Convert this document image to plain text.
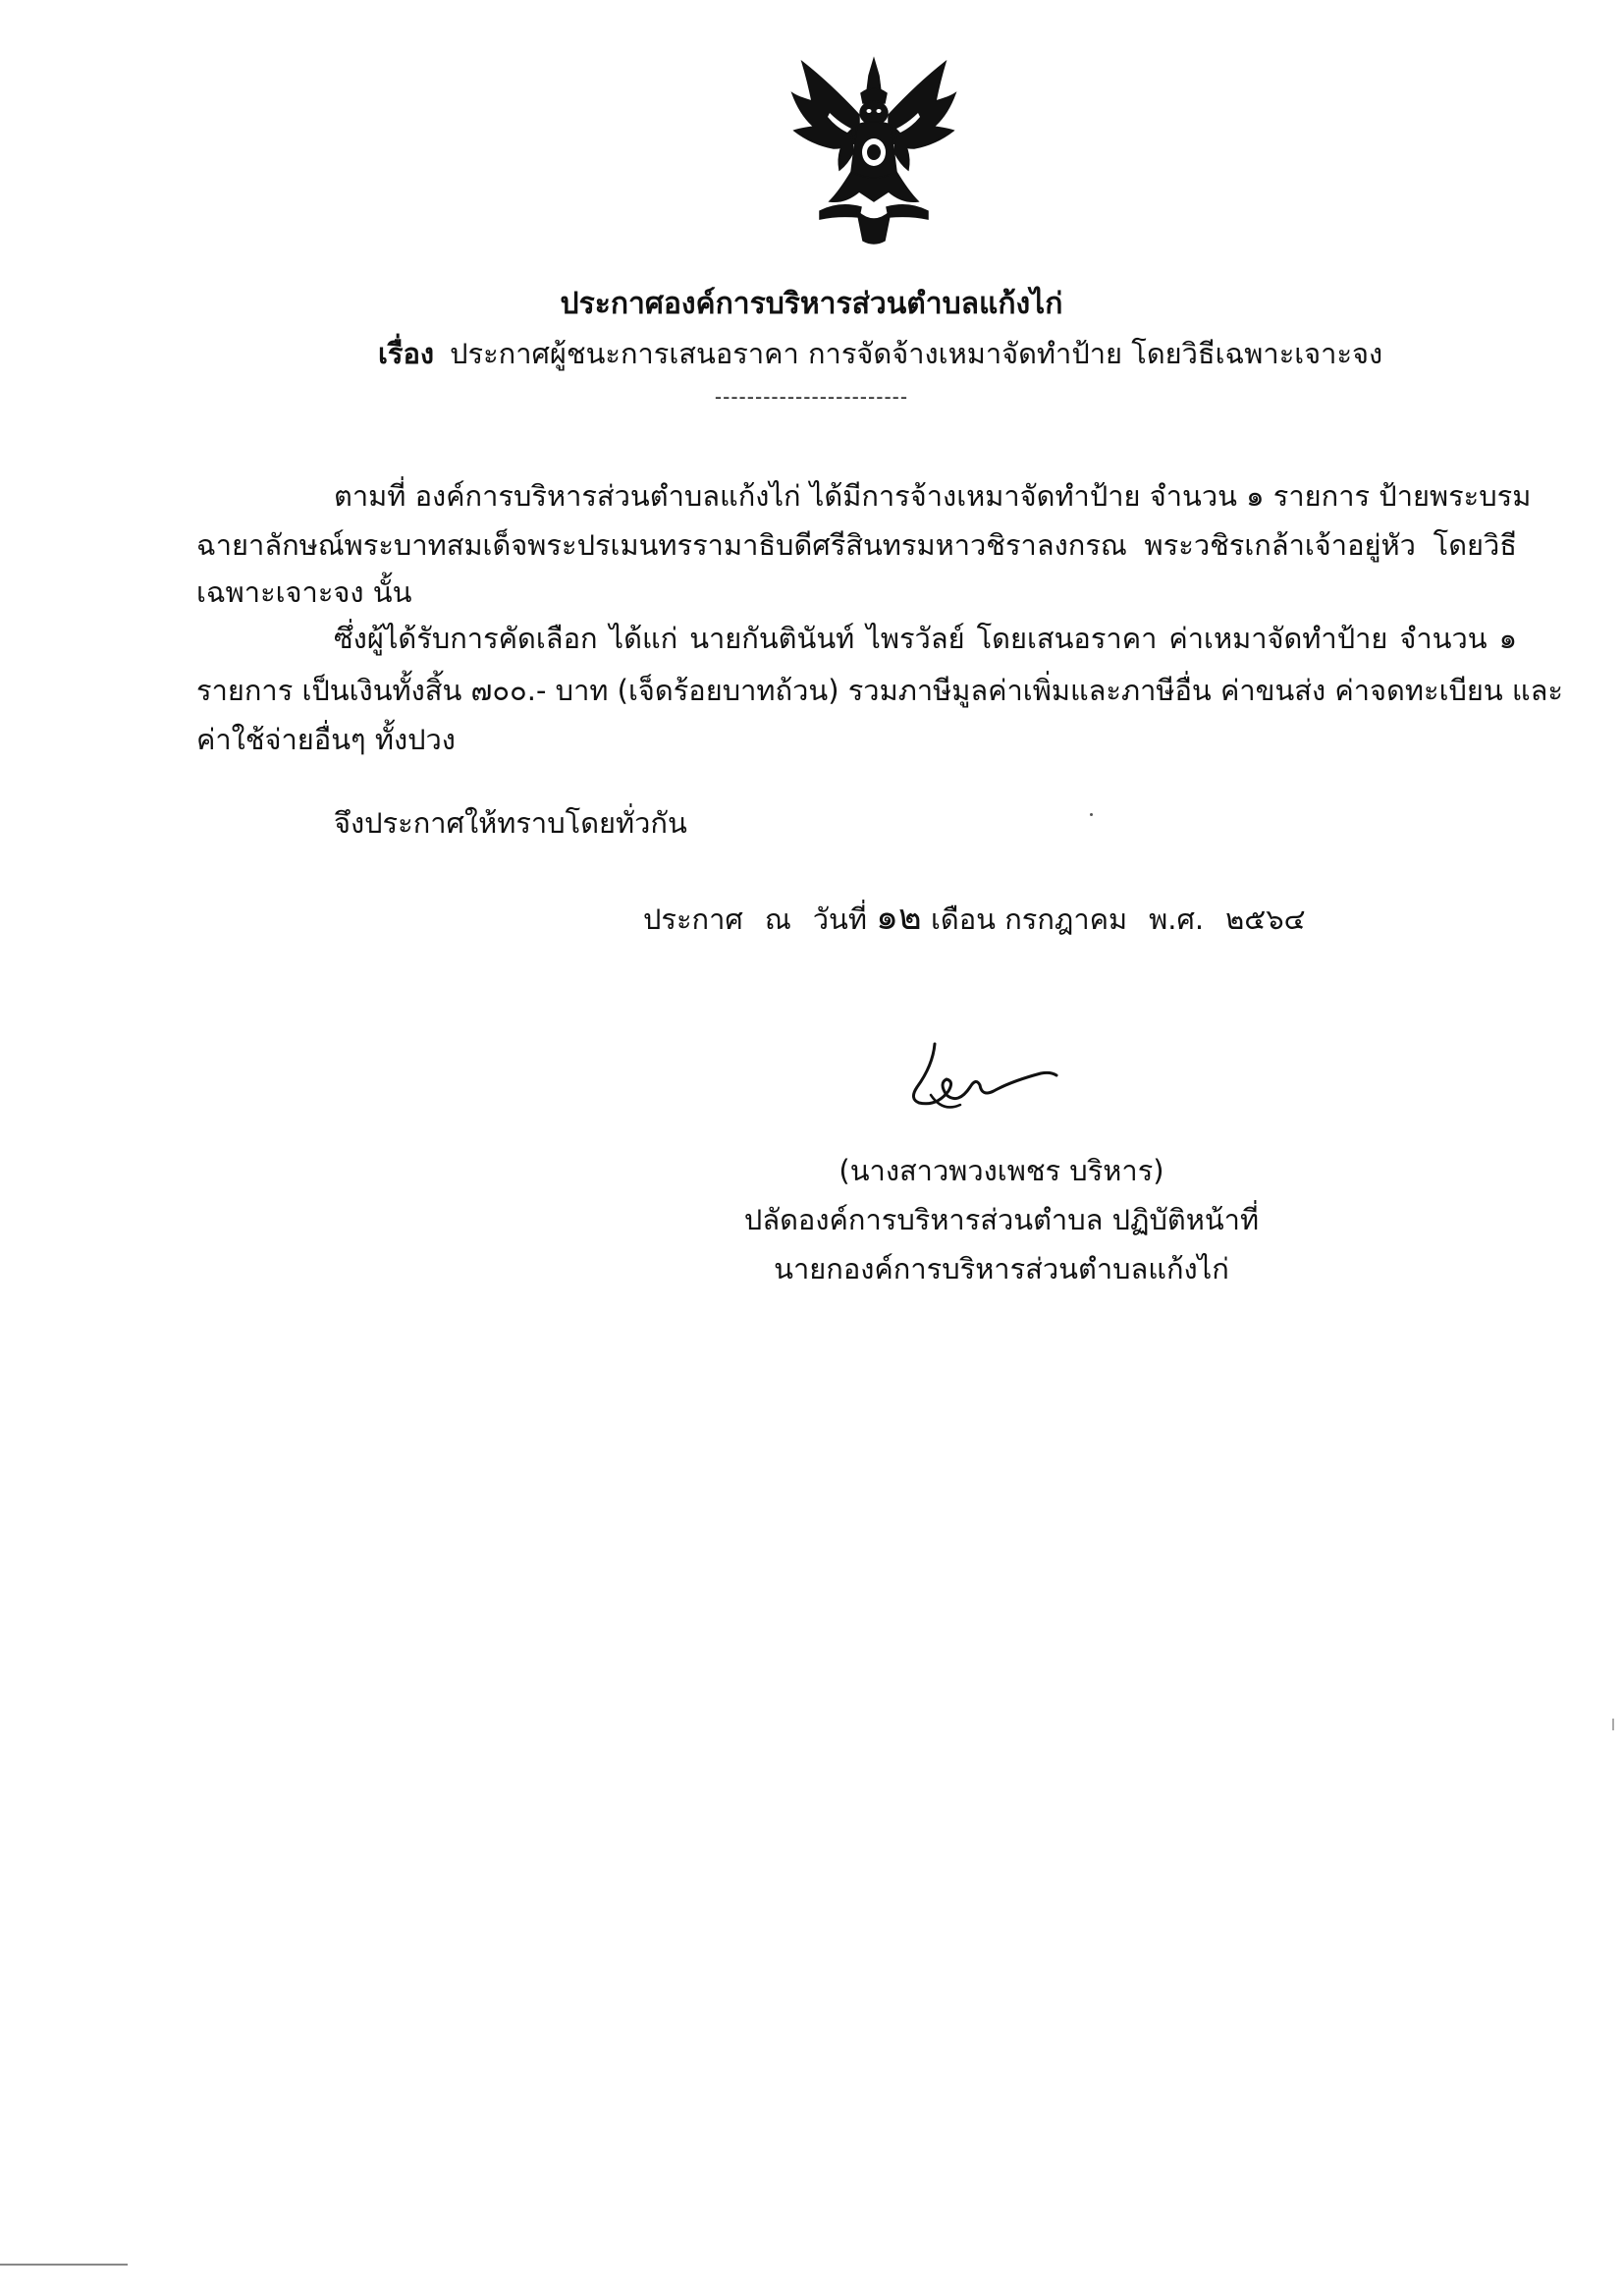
ประกาศองค์การบริหารส่วนตำบลแก้งไก่
เรื่อง ประกาศผู้ชนะการเสนอราคา การจัดจ้างเหมาจัดทำป้าย โดยวิธีเฉพาะเจาะจง
------------------------
ตามที่ องค์การบริหารส่วนตำบลแก้งไก่ ได้มีการจ้างเหมาจัดทำป้าย จำนวน ๑ รายการ ป้ายพระบรม
ฉายาลักษณ์พระบาทสมเด็จพระปรเมนทรรามาธิบดีศรีสินทรมหาวชิราลงกรณ พระวชิรเกล้าเจ้าอยู่หัว โดยวิธี
เฉพาะเจาะจง นั้น
ซึ่งผู้ได้รับการคัดเลือก ได้แก่ นายกันตินันท์ ไพรวัลย์ โดยเสนอราคา ค่าเหมาจัดทำป้าย จำนวน ๑
รายการ เป็นเงินทั้งสิ้น ๗๐๐.- บาท (เจ็ดร้อยบาทถ้วน) รวมภาษีมูลค่าเพิ่มและภาษีอื่น ค่าขนส่ง ค่าจดทะเบียน และ
ค่าใช้จ่ายอื่นๆ ทั้งปวง
จึงประกาศให้ทราบโดยทั่วกัน
ประกาศ ณ วันที่ ๑๒ เดือน กรกฎาคม พ.ศ. ๒๕๖๔
(นางสาวพวงเพชร บริหาร)
ปลัดองค์การบริหารส่วนตำบล ปฏิบัติหน้าที่
นายกองค์การบริหารส่วนตำบลแก้งไก่
